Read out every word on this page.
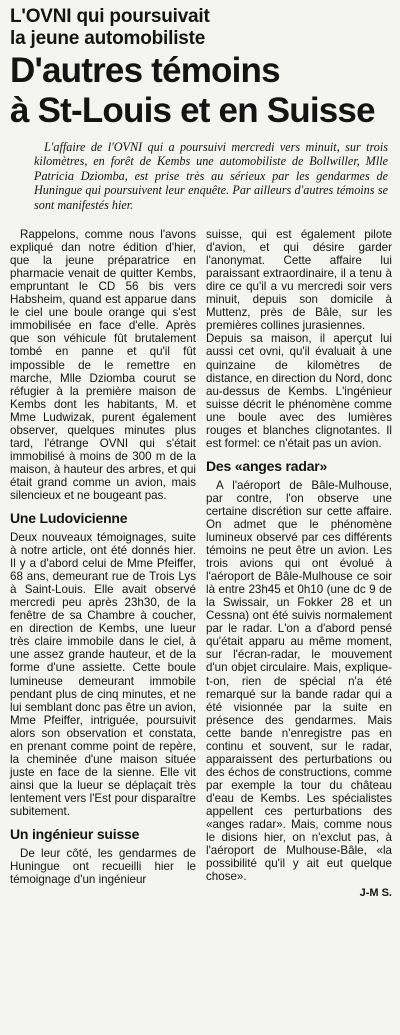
L'OVNI qui poursuivait
la jeune automobiliste
D'autres témoins
à St-Louis et en Suisse
L'affaire de l'OVNI qui a poursuivi mercredi vers minuit, sur trois kilomètres, en forêt de Kembs une automobiliste de Bollwiller, Mlle Patricia Dziomba, est prise très au sérieux par les gendarmes de Huningue qui poursuivent leur enquête. Par ailleurs d'autres témoins se sont manifestés hier.

Rappelons, comme nous l'avons expliqué dan notre édition d'hier, que la jeune préparatrice en pharmacie venait de quitter Kembs, empruntant le CD 56 bis vers Habsheim, quand est apparue dans le ciel une boule orange qui s'est immobilisée en face d'elle. Après que son véhicule fût brutalement tombé en panne et qu'il fût impossible de le remettre en marche, Mlle Dziomba courut se réfugier à la première maison de Kembs dont les habitants, M. et Mme Ludwizak, purent également observer, quelques minutes plus tard, l'étrange OVNI qui s'était immobilisé à moins de 300 m de la maison, à hauteur des arbres, et qui était grand comme un avion, mais silencieux et ne bougeant pas.

Une Ludovicienne

Deux nouveaux témoignages, suite à notre article, ont été donnés hier. Il y a d'abord celui de Mme Pfeiffer, 68 ans, demeurant rue de Trois Lys à Saint-Louis. Elle avait observé mercredi peu après 23h30, de la fenêtre de sa Chambre à coucher, en direction de Kembs, une lueur très claire immobile dans le ciel, à une assez grande hauteur, et de la forme d'une assiette. Cette boule lumineuse demeurant immobile pendant plus de cinq minutes, et ne lui semblant donc pas être un avion, Mme Pfeiffer, intriguée, poursuivit alors son observation et constata, en prenant comme point de repère, la cheminée d'une maison située juste en face de la sienne. Elle vit ainsi que la lueur se déplaçait très lentement vers l'Est pour disparaître subitement.

Un ingénieur suisse

De leur côté, les gendarmes de Huningue ont recueilli hier le témoignage d'un ingénieur

suisse, qui est également pilote d'avion, et qui désire garder l'anonymat. Cette affaire lui paraissant extraordinaire, il a tenu à dire ce qu'il a vu mercredi soir vers minuit, depuis son domicile à Muttenz, près de Bâle, sur les premières collines jurasiennes.

Depuis sa maison, il aperçut lui aussi cet ovni, qu'il évaluait à une quinzaine de kilomètres de distance, en direction du Nord, donc au-dessus de Kembs. L'ingénieur suisse décrit le phénomène comme une boule avec des lumières rouges et blanches clignotantes. Il est formel: ce n'était pas un avion.

Des «anges radar»

A l'aéroport de Bâle-Mulhouse, par contre, l'on observe une certaine discrétion sur cette affaire. On admet que le phénomène lumineux observé par ces différents témoins ne peut être un avion. Les trois avions qui ont évolué à l'aéroport de Bâle-Mulhouse ce soir là entre 23h45 et 0h10 (une dc 9 de la Swissair, un Fokker 28 et un Cessna) ont été suivis normalement par le radar. L'on a d'abord pensé qu'était apparu au même moment, sur l'écran-radar, le mouvement d'un objet circulaire. Mais, explique-t-on, rien de spécial n'a été remarqué sur la bande radar qui a été visionnée par la suite en présence des gendarmes. Mais cette bande n'enregistre pas en continu et souvent, sur le radar, apparaissent des perturbations ou des échos de constructions, comme par exemple la tour du château d'eau de Kembs. Les spécialistes appellent ces perturbations des «anges radar». Mais, comme nous le disions hier, on n'exclut pas, à l'aéroport de Mulhouse-Bâle, «la possibilité qu'il y ait eut quelque chose».

J-M S.
